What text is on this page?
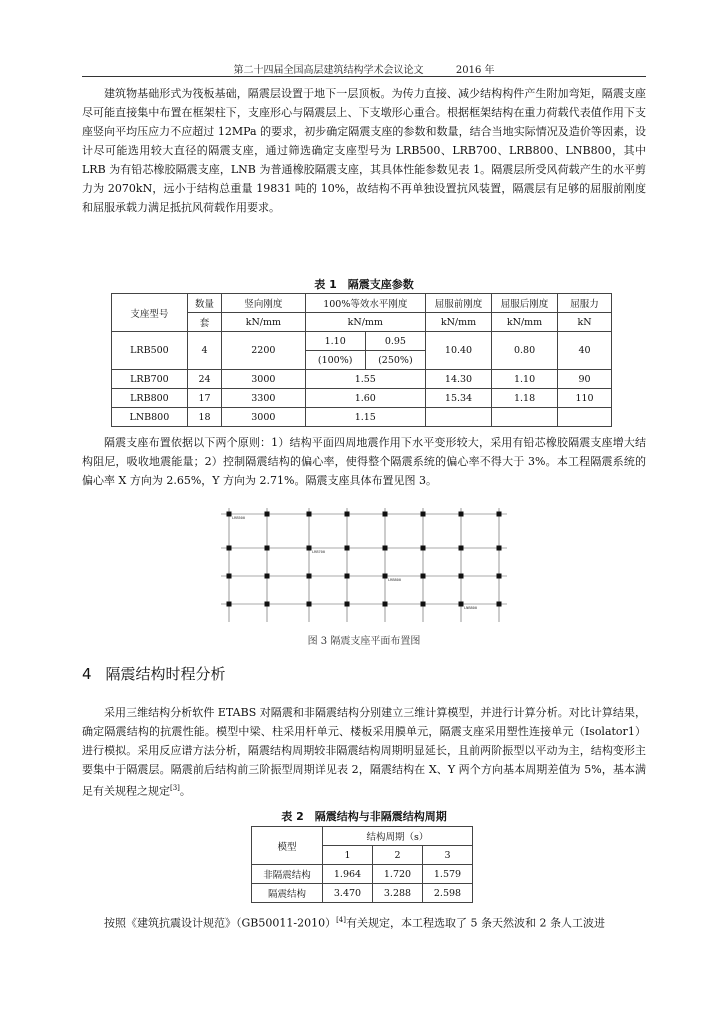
第二十四届全国高层建筑结构学术会议论文	2016 年
建筑物基础形式为筏板基础，隔震层设置于地下一层顶板。为传力直接、减少结构构件产生附加弯矩，隔震支座尽可能直接集中布置在框架柱下，支座形心与隔震层上、下支墩形心重合。根据框架结构在重力荷载代表值作用下支座竖向平均压应力不应超过 12MPa 的要求，初步确定隔震支座的参数和数量，结合当地实际情况及造价等因素，设计尽可能选用较大直径的隔震支座，通过筛选确定支座型号为 LRB500、LRB700、LRB800、LNB800，其中 LRB 为有铅芯橡胶隔震支座，LNB 为普通橡胶隔震支座，其具体性能参数见表 1。隔震层所受风荷载产生的水平剪力为 2070kN，远小于结构总重量 19831 吨的 10%，故结构不再单独设置抗风装置，隔震层有足够的屈服前刚度和屈服承载力满足抵抗风荷载作用要求。
表 1　隔震支座参数
支座型号	数量	竖向刚度	100%等效水平刚度		屈服前刚度	屈服后刚度	屈服力
	套	kN/mm	kN/mm		kN/mm	kN/mm	kN
LRB500	4	2200	1.10	0.95	10.40	0.80	40
			(100%)	(250%)			
LRB700	24	3000	1.55		14.30	1.10	90
LRB800	17	3300	1.60		15.34	1.18	110
LNB800	18	3000	1.15				
隔震支座布置依据以下两个原则：1）结构平面四周地震作用下水平变形较大，采用有铅芯橡胶隔震支座增大结构阻尼，吸收地震能量；2）控制隔震结构的偏心率，使得整个隔震系统的偏心率不得大于 3%。本工程隔震系统的偏心率 X 方向为 2.65%，Y 方向为 2.71%。隔震支座具体布置见图 3。
LRB500
LRB700
LRB800
LNB800
图 3 隔震支座平面布置图
4 隔震结构时程分析
采用三维结构分析软件 ETABS 对隔震和非隔震结构分别建立三维计算模型，并进行计算分析。对比计算结果，确定隔震结构的抗震性能。模型中梁、柱采用杆单元、楼板采用膜单元，隔震支座采用塑性连接单元（Isolator1）进行模拟。采用反应谱方法分析，隔震结构周期较非隔震结构周期明显延长，且前两阶振型以平动为主，结构变形主要集中于隔震层。隔震前后结构前三阶振型周期详见表 2，隔震结构在 X、Y 两个方向基本周期差值为 5%，基本满足有关规程之规定[3]。
表 2　隔震结构与非隔震结构周期
模型	结构周期（s）		
	1	2	3
非隔震结构	1.964	1.720	1.579
隔震结构	3.470	3.288	2.598
按照《建筑抗震设计规范》（GB50011-2010）[4]有关规定，本工程选取了 5 条天然波和 2 条人工波进
